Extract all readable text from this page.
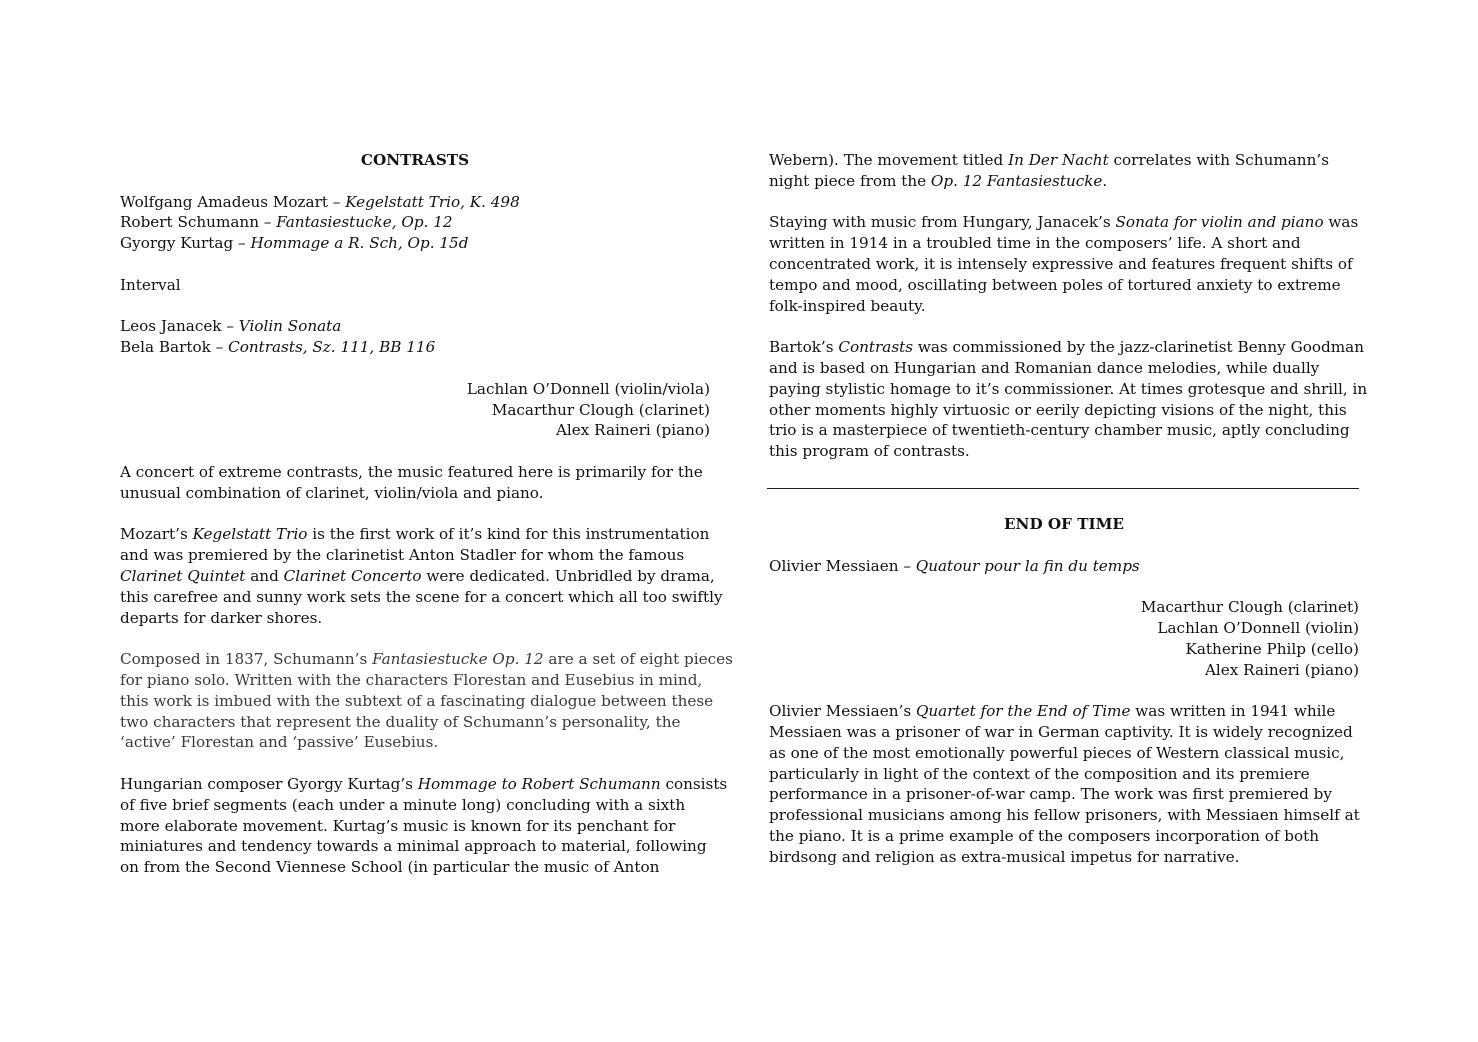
CONTRASTS
Wolfgang Amadeus Mozart – Kegelstatt Trio, K. 498
Robert Schumann – Fantasiestucke, Op. 12
Gyorgy Kurtag – Hommage a R. Sch, Op. 15d
Interval
Leos Janacek – Violin Sonata
Bela Bartok – Contrasts, Sz. 111, BB 116
Lachlan O’Donnell (violin/viola)
Macarthur Clough (clarinet)
Alex Raineri (piano)

A concert of extreme contrasts, the music featured here is primarily for the
unusual combination of clarinet, violin/viola and piano.

Mozart’s Kegelstatt Trio is the first work of it’s kind for this instrumentation
and was premiered by the clarinetist Anton Stadler for whom the famous
Clarinet Quintet and Clarinet Concerto were dedicated. Unbridled by drama,
this carefree and sunny work sets the scene for a concert which all too swiftly
departs for darker shores.

Composed in 1837, Schumann’s Fantasiestucke Op. 12 are a set of eight pieces
for piano solo. Written with the characters Florestan and Eusebius in mind,
this work is imbued with the subtext of a fascinating dialogue between these
two characters that represent the duality of Schumann’s personality, the
‘active’ Florestan and ‘passive’ Eusebius.

Hungarian composer Gyorgy Kurtag’s Hommage to Robert Schumann consists
of five brief segments (each under a minute long) concluding with a sixth
more elaborate movement. Kurtag’s music is known for its penchant for
miniatures and tendency towards a minimal approach to material, following
on from the Second Viennese School (in particular the music of Anton

Webern). The movement titled In Der Nacht correlates with Schumann’s
night piece from the Op. 12 Fantasiestucke.

Staying with music from Hungary, Janacek’s Sonata for violin and piano was
written in 1914 in a troubled time in the composers’ life. A short and
concentrated work, it is intensely expressive and features frequent shifts of
tempo and mood, oscillating between poles of tortured anxiety to extreme
folk-inspired beauty.

Bartok’s Contrasts was commissioned by the jazz-clarinetist Benny Goodman
and is based on Hungarian and Romanian dance melodies, while dually
paying stylistic homage to it’s commissioner. At times grotesque and shrill, in
other moments highly virtuosic or eerily depicting visions of the night, this
trio is a masterpiece of twentieth-century chamber music, aptly concluding
this program of contrasts.

END OF TIME
Olivier Messiaen – Quatour pour la fin du temps
Macarthur Clough (clarinet)
Lachlan O’Donnell (violin)
Katherine Philp (cello)
Alex Raineri (piano)

Olivier Messiaen’s Quartet for the End of Time was written in 1941 while
Messiaen was a prisoner of war in German captivity. It is widely recognized
as one of the most emotionally powerful pieces of Western classical music,
particularly in light of the context of the composition and its premiere
performance in a prisoner-of-war camp. The work was first premiered by
professional musicians among his fellow prisoners, with Messiaen himself at
the piano. It is a prime example of the composers incorporation of both
birdsong and religion as extra-musical impetus for narrative.
